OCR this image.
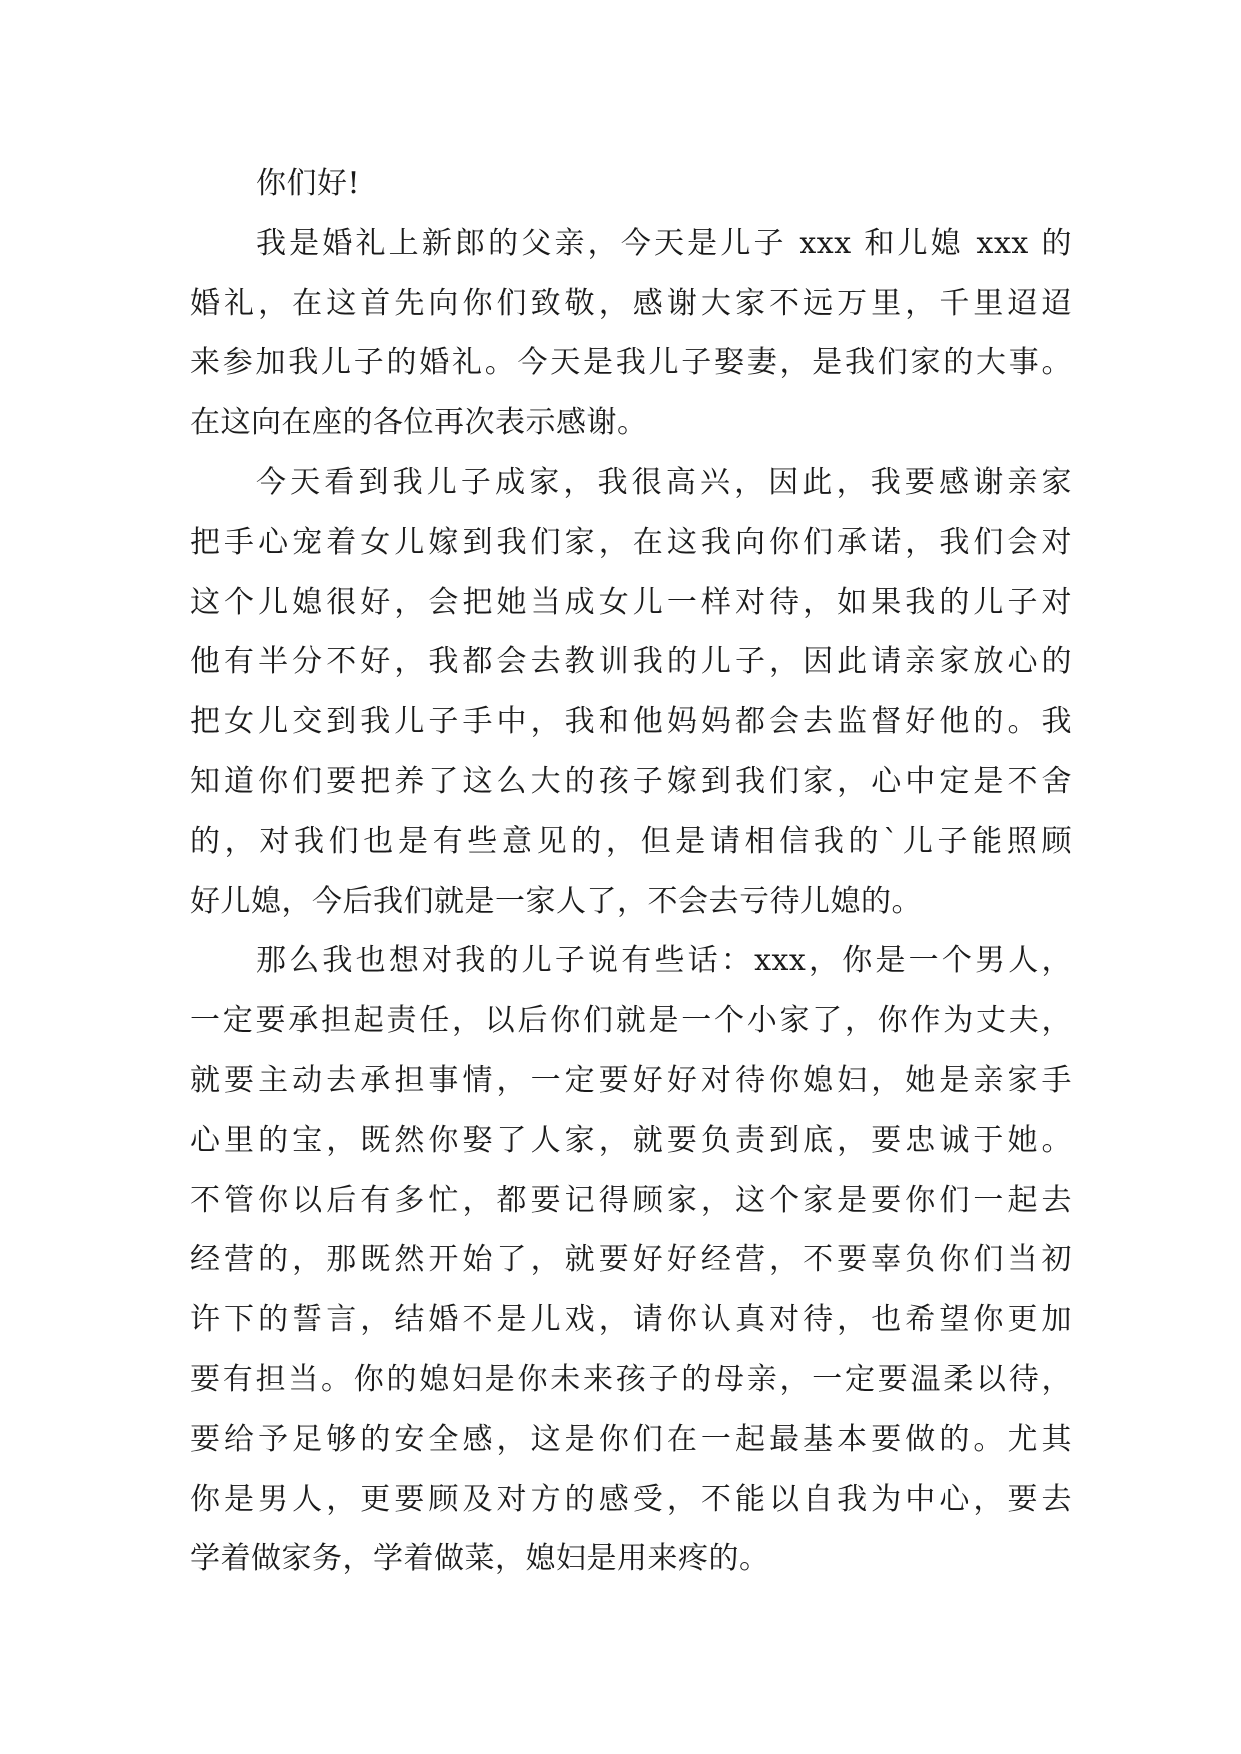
你们好!
我是婚礼上新郎的父亲，今天是儿子 xxx 和儿媳 xxx 的
婚礼，在这首先向你们致敬，感谢大家不远万里，千里迢迢
来参加我儿子的婚礼。今天是我儿子娶妻，是我们家的大事。
在这向在座的各位再次表示感谢。
今天看到我儿子成家，我很高兴，因此，我要感谢亲家
把手心宠着女儿嫁到我们家，在这我向你们承诺，我们会对
这个儿媳很好，会把她当成女儿一样对待，如果我的儿子对
他有半分不好，我都会去教训我的儿子，因此请亲家放心的
把女儿交到我儿子手中，我和他妈妈都会去监督好他的。我
知道你们要把养了这么大的孩子嫁到我们家，心中定是不舍
的，对我们也是有些意见的，但是请相信我的`儿子能照顾
好儿媳，今后我们就是一家人了，不会去亏待儿媳的。
那么我也想对我的儿子说有些话：xxx，你是一个男人，
一定要承担起责任，以后你们就是一个小家了，你作为丈夫，
就要主动去承担事情，一定要好好对待你媳妇，她是亲家手
心里的宝，既然你娶了人家，就要负责到底，要忠诚于她。
不管你以后有多忙，都要记得顾家，这个家是要你们一起去
经营的，那既然开始了，就要好好经营，不要辜负你们当初
许下的誓言，结婚不是儿戏，请你认真对待，也希望你更加
要有担当。你的媳妇是你未来孩子的母亲，一定要温柔以待，
要给予足够的安全感，这是你们在一起最基本要做的。尤其
你是男人，更要顾及对方的感受，不能以自我为中心，要去
学着做家务，学着做菜，媳妇是用来疼的。
